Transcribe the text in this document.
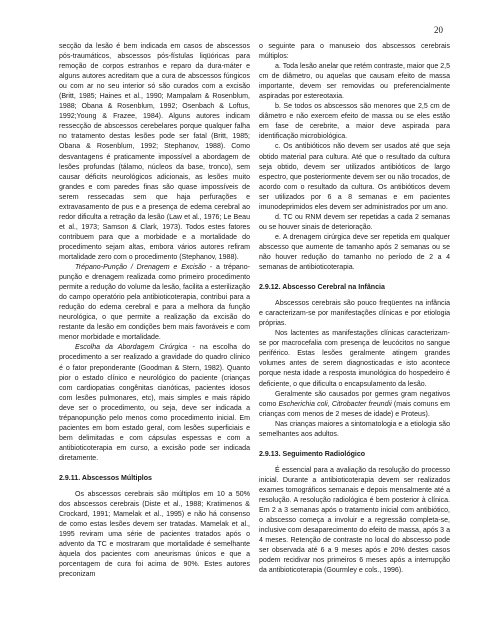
20

secção da lesão é bem indicada em casos de abscessos pós-traumáticos, abscessos pós-fístulas liqüóricas para remoção de corpos estranhos e reparo da dura-máter e alguns autores acreditam que a cura de abscessos fúngicos ou com ar no seu interior só são curados com a excisão (Britt, 1985; Haines et al., 1990; Mampalam & Rosenblum, 1988; Obana & Rosenblum, 1992; Osenbach & Loftus, 1992;Young & Frazee, 1984). Alguns autores indicam ressecção de abscessos cerebelares porque qualquer falha no tratamento destas lesões pode ser fatal (Britt, 1985; Obana & Rosenblum, 1992; Stephanov, 1988). Como desvantagens é praticamente impossível a abordagem de lesões profundas (tálamo, núcleos da base, tronco), sem causar déficits neurológicos adicionais, as lesões muito grandes e com paredes finas são quase impossíveis de serem ressecadas sem que haja perfurações e extravasamento de pus e a presença de edema cerebral ao redor dificulta a retração da lesão (Law et al., 1976; Le Beau et al., 1973; Samson & Clark, 1973). Todos estes fatores contribuem para que a morbidade e a mortalidade do procedimento sejam altas, embora vários autores refiram mortalidade zero com o procedimento (Stephanov, 1988).

Trépano-Punção / Drenagem e Excisão - a trépano-punção e drenagem realizada como primeiro procedimento permite a redução do volume da lesão, facilita a esterilização do campo operatório pela antibioticoterapia, contribui para a redução do edema cerebral e para a melhora da função neurológica, o que permite a realização da excisão do restante da lesão em condições bem mais favoráveis e com menor morbidade e mortalidade.

Escolha da Abordagem Cirúrgica - na escolha do procedimento a ser realizado a gravidade do quadro clínico é o fator preponderante (Goodman & Stern, 1982). Quanto pior o estado clínico e neurológico do paciente (crianças com cardiopatias congênitas cianóticas, pacientes idosos com lesões pulmonares, etc), mais simples e mais rápido deve ser o procedimento, ou seja, deve ser indicada a trépanopunção pelo menos como procedimento inicial. Em pacientes em bom estado geral, com lesões superficiais e bem delimitadas e com cápsulas espessas e com a antibioticoterapia em curso, a excisão pode ser indicada diretamente.

2.9.11. Abscessos Múltiplos

Os abscessos cerebrais são múltiplos em 10 a 50% dos abscessos cerebrais (Diste et al., 1988; Kratimenos & Crockard, 1991; Mamelak et al., 1995) e não há consenso de como estas lesões devem ser tratadas. Mamelak et al., 1995 reviram uma série de pacientes tratados após o advento da TC e mostraram que mortalidade é semelhante àquela dos pacientes com aneurismas únicos e que a porcentagem de cura foi acima de 90%. Estes autores preconizam

o seguinte para o manuseio dos abscessos cerebrais múltiplos:

a. Toda lesão anelar que retém contraste, maior que 2,5 cm de diâmetro, ou aquelas que causam efeito de massa importante, devem ser removidas ou preferencialmente aspiradas por estereotaxia.

b. Se todos os abscessos são menores que 2,5 cm de diâmetro e não exercem efeito de massa ou se eles estão em fase de cerebrite, a maior deve aspirada para identificação microbiológica.

c. Os antibióticos não devem ser usados até que seja obtido material para cultura. Até que o resultado da cultura seja obtido, devem ser utilizados antibióticos de largo espectro, que posteriormente devem ser ou não trocados, de acordo com o resultado da cultura. Os antibióticos devem ser utilizados por 6 a 8 semanas e em pacientes imunodeprimidos eles devem ser administrados por um ano.

d. TC ou RNM devem ser repetidas a cada 2 semanas ou se houver sinais de deterioração.

e. A drenagem cirúrgica deve ser repetida em qualquer abscesso que aumente de tamanho após 2 semanas ou se não houver redução do tamanho no período de 2 a 4 semanas de antibioticoterapia.

2.9.12. Abscesso Cerebral na Infância

Abscessos cerebrais são pouco freqüentes na infância e caracterizam-se por manifestações clínicas e por etiologia próprias.

Nos lactentes as manifestações clínicas caracterizam-se por macrocefalia com presença de leucócitos no sangue periférico. Estas lesões geralmente atingem grandes volumes antes de serem diagnosticadas e isto acontece porque nesta idade a resposta imunológica do hospedeiro é deficiente, o que dificulta o encapsulamento da lesão.

Geralmente são causados por germes gram negativos como Escherichia coli, Citrobacter freundii (mais comuns em crianças com menos de 2 meses de idade) e Proteus).

Nas crianças maiores a sintomatologia e a etiologia são semelhantes aos adultos.

2.9.13. Seguimento Radiológico

É essencial para a avaliação da resolução do processo inicial. Durante a antibioticoterapia devem ser realizados exames tomográficos semanais e depois mensalmente até a resolução. A resolução radiológica é bem posterior à clínica. Em 2 a 3 semanas após o tratamento inicial com antibiótico, o abscesso começa a involuir e a regressão completa-se, inclusive com desaparecimento do efeito de massa, após 3 a 4 meses. Retenção de contraste no local do abscesso pode ser observada até 6 a 9 meses após e 20% destes casos podem recidivar nos primeiros 6 meses após a interrupção da antibioticoterapia (Gourmley e cols., 1996).
